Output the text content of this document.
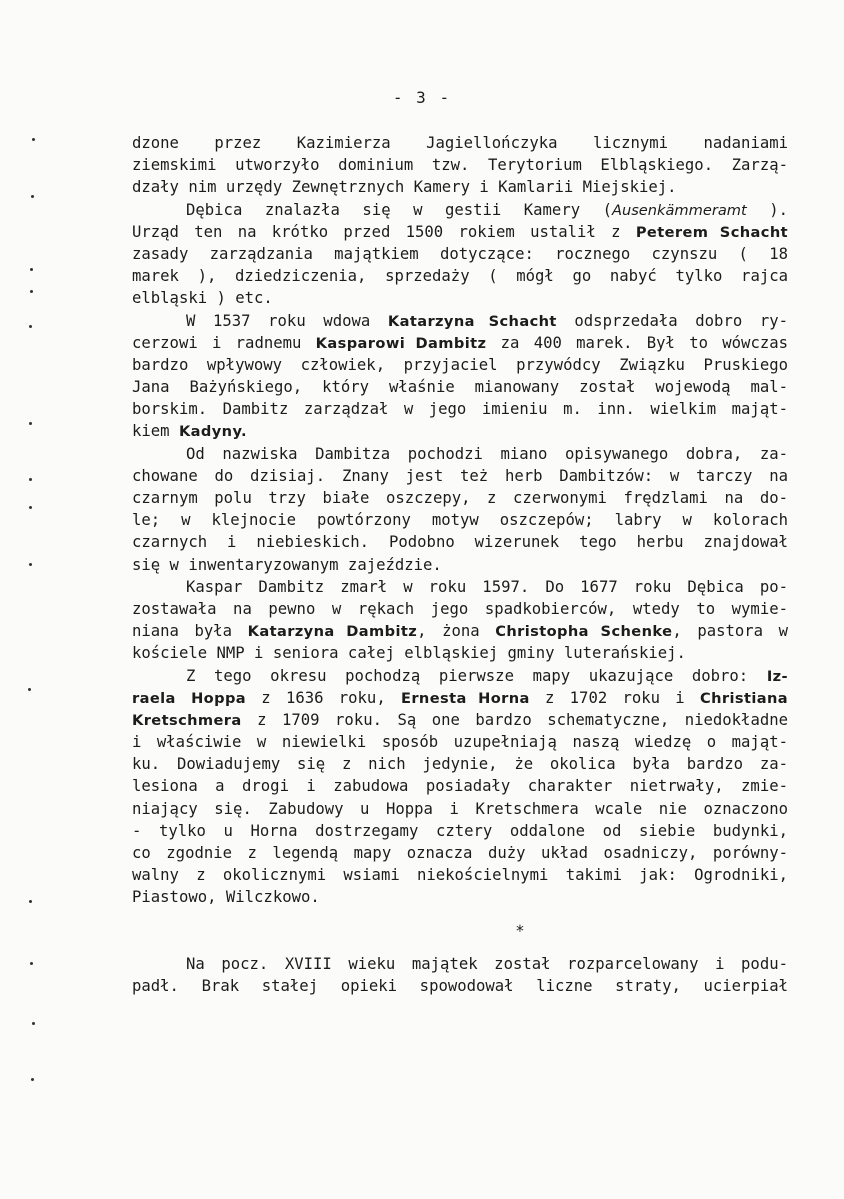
- 3 -
dzone przez Kazimierza Jagiellończyka licznymi nadaniami
ziemskimi utworzyło dominium tzw. Terytorium Elbląskiego. Zarzą-
dzały nim urzędy Zewnętrznych Kamery i Kamlarii Miejskiej.
Dębica znalazła się w gestii Kamery (Ausenkämmeramt ).
Urząd ten na krótko przed 1500 rokiem ustalił z Peterem Schacht
zasady zarządzania majątkiem dotyczące: rocznego czynszu ( 18
marek ), dziedziczenia, sprzedaży ( mógł go nabyć tylko rajca
elbląski ) etc.
W 1537 roku wdowa Katarzyna Schacht odsprzedała dobro ry-
cerzowi i radnemu Kasparowi Dambitz za 400 marek. Był to wówczas
bardzo wpływowy człowiek, przyjaciel przywódcy Związku Pruskiego
Jana Bażyńskiego, który właśnie mianowany został wojewodą mal-
borskim. Dambitz zarządzał w jego imieniu m. inn. wielkim mająt-
kiem Kadyny.
Od nazwiska Dambitza pochodzi miano opisywanego dobra, za-
chowane do dzisiaj. Znany jest też herb Dambitzów: w tarczy na
czarnym polu trzy białe oszczepy, z czerwonymi frędzlami na do-
le; w klejnocie powtórzony motyw oszczepów; labry w kolorach
czarnych i niebieskich. Podobno wizerunek tego herbu znajdował
się w inwentaryzowanym zajeździe.
Kaspar Dambitz zmarł w roku 1597. Do 1677 roku Dębica po-
zostawała na pewno w rękach jego spadkobierców, wtedy to wymie-
niana była Katarzyna Dambitz, żona Christopha Schenke, pastora w
kościele NMP i seniora całej elbląskiej gminy luterańskiej.
Z tego okresu pochodzą pierwsze mapy ukazujące dobro: Iz-
raela Hoppa z 1636 roku, Ernesta Horna z 1702 roku i Christiana
Kretschmera z 1709 roku. Są one bardzo schematyczne, niedokładne
i właściwie w niewielki sposób uzupełniają naszą wiedzę o mająt-
ku. Dowiadujemy się z nich jedynie, że okolica była bardzo za-
lesiona a drogi i zabudowa posiadały charakter nietrwały, zmie-
niający się. Zabudowy u Hoppa i Kretschmera wcale nie oznaczono
- tylko u Horna dostrzegamy cztery oddalone od siebie budynki,
co zgodnie z legendą mapy oznacza duży układ osadniczy, porówny-
walny z okolicznymi wsiami niekościelnymi takimi jak: Ogrodniki,
Piastowo, Wilczkowo.
*
Na pocz. XVIII wieku majątek został rozparcelowany i podu-
padł. Brak stałej opieki spowodował liczne straty, ucierpiał
